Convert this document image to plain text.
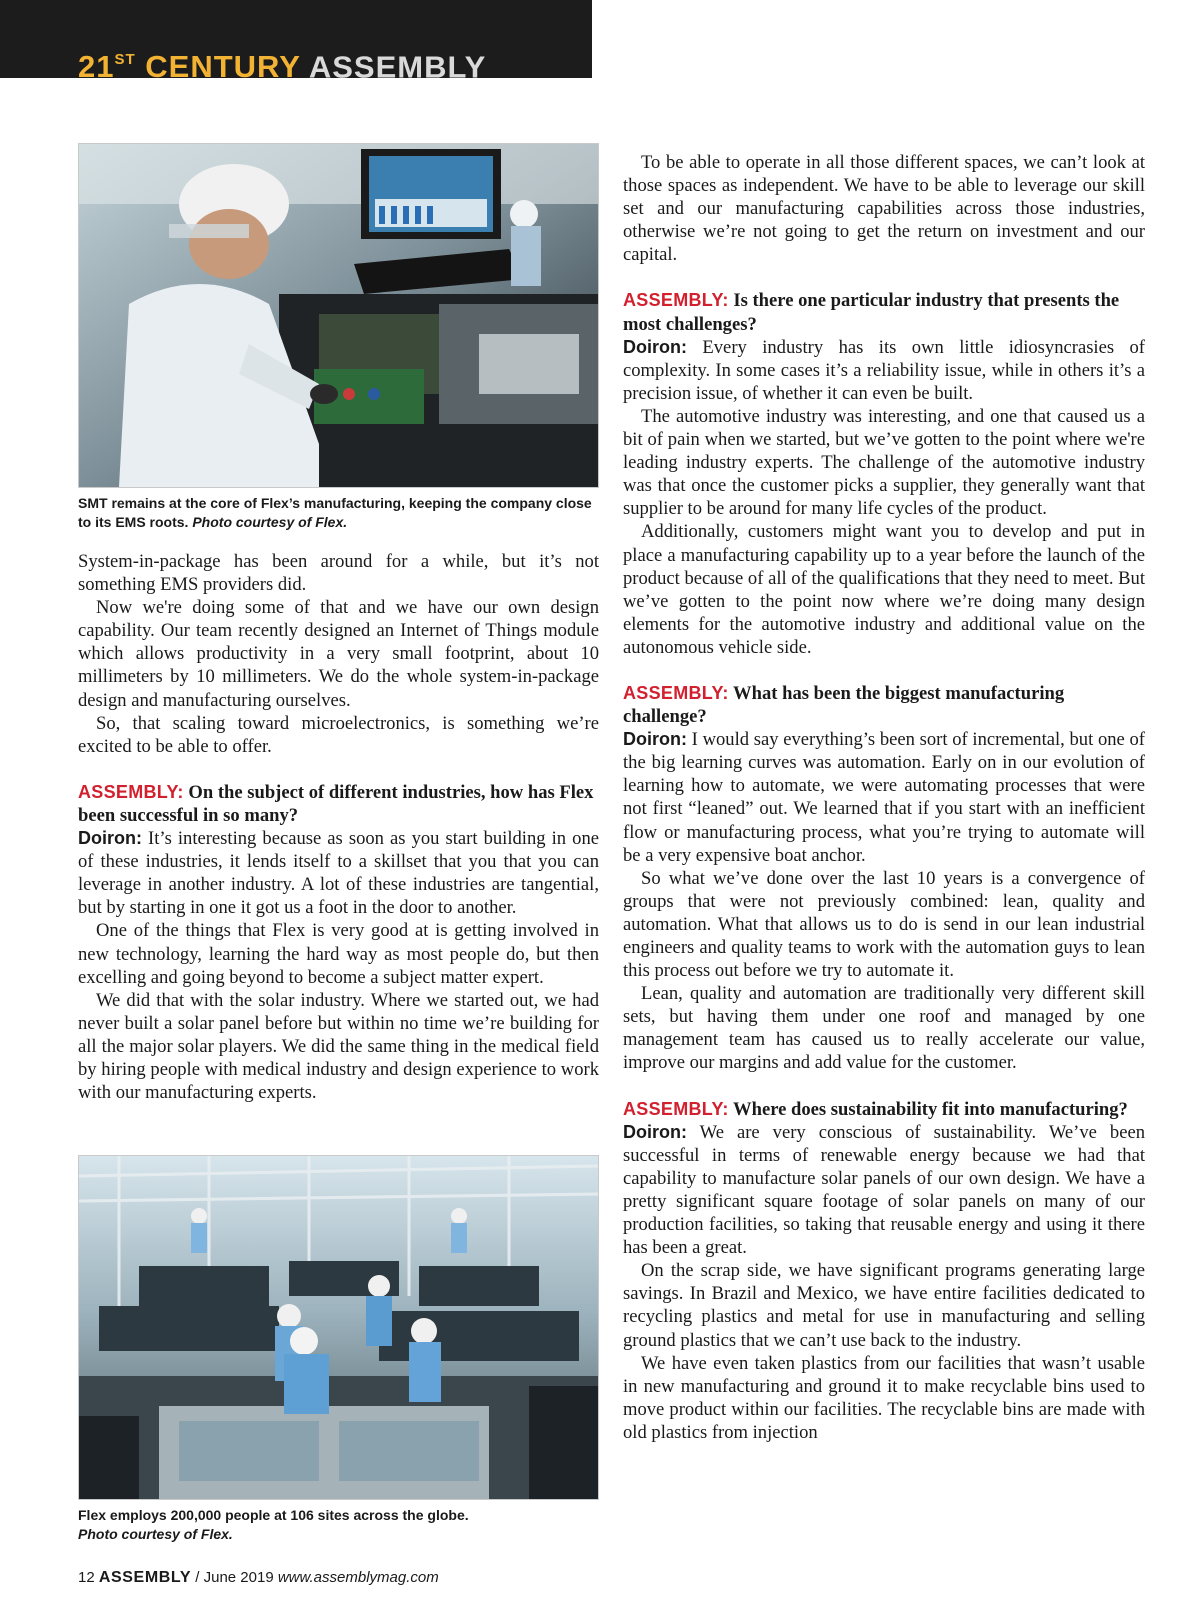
21ST CENTURY ASSEMBLY
SMT remains at the core of Flex’s manufacturing, keeping the company close to its EMS roots. Photo courtesy of Flex.

System-in-package has been around for a while, but it’s not something EMS providers did.

Now we're doing some of that and we have our own design capability. Our team recently designed an Internet of Things module which allows productivity in a very small footprint, about 10 millimeters by 10 millimeters. We do the whole system-in-package design and manufacturing ourselves.

So, that scaling toward microelectronics, is something we’re excited to be able to offer.

ASSEMBLY: On the subject of different industries, how has Flex been successful in so many?

Doiron: It’s interesting because as soon as you start building in one of these industries, it lends itself to a skillset that you that you can leverage in another industry. A lot of these industries are tangential, but by starting in one it got us a foot in the door to another.

One of the things that Flex is very good at is getting involved in new technology, learning the hard way as most people do, but then excelling and going beyond to become a subject matter expert.

We did that with the solar industry. Where we started out, we had never built a solar panel before but within no time we’re building for all the major solar players. We did the same thing in the medical field by hiring people with medical industry and design experience to work with our manufacturing experts.

Flex employs 200,000 people at 106 sites across the globe.
Photo courtesy of Flex.

To be able to operate in all those different spaces, we can’t look at those spaces as independent. We have to be able to leverage our skill set and our manufacturing capabilities across those industries, otherwise we’re not going to get the return on investment and our capital.

ASSEMBLY: Is there one particular industry that presents the most challenges?

Doiron: Every industry has its own little idiosyncrasies of complexity. In some cases it’s a reliability issue, while in others it’s a precision issue, of whether it can even be built.

The automotive industry was interesting, and one that caused us a bit of pain when we started, but we’ve gotten to the point where we're leading industry experts. The challenge of the automotive industry was that once the customer picks a supplier, they generally want that supplier to be around for many life cycles of the product.

Additionally, customers might want you to develop and put in place a manufacturing capability up to a year before the launch of the product because of all of the qualifications that they need to meet. But we’ve gotten to the point now where we’re doing many design elements for the automotive industry and additional value on the autonomous vehicle side.

ASSEMBLY: What has been the biggest manufacturing challenge?

Doiron: I would say everything’s been sort of incremental, but one of the big learning curves was automation. Early on in our evolution of learning how to automate, we were automating processes that were not first “leaned” out. We learned that if you start with an inefficient flow or manufacturing process, what you’re trying to automate will be a very expensive boat anchor.

So what we’ve done over the last 10 years is a convergence of groups that were not previously combined: lean, quality and automation. What that allows us to do is send in our lean industrial engineers and quality teams to work with the automation guys to lean this process out before we try to automate it.

Lean, quality and automation are traditionally very different skill sets, but having them under one roof and managed by one management team has caused us to really accelerate our value, improve our margins and add value for the customer.

ASSEMBLY: Where does sustainability fit into manufacturing?

Doiron: We are very conscious of sustainability. We’ve been successful in terms of renewable energy because we had that capability to manufacture solar panels of our own design. We have a pretty significant square footage of solar panels on many of our production facilities, so taking that reusable energy and using it there has been a great.

On the scrap side, we have significant programs generating large savings. In Brazil and Mexico, we have entire facilities dedicated to recycling plastics and metal for use in manufacturing and selling ground plastics that we can’t use back to the industry.

We have even taken plastics from our facilities that wasn’t usable in new manufacturing and ground it to make recyclable bins used to move product within our facilities. The recyclable bins are made with old plastics from injection

12 ASSEMBLY / June 2019 www.assemblymag.com
